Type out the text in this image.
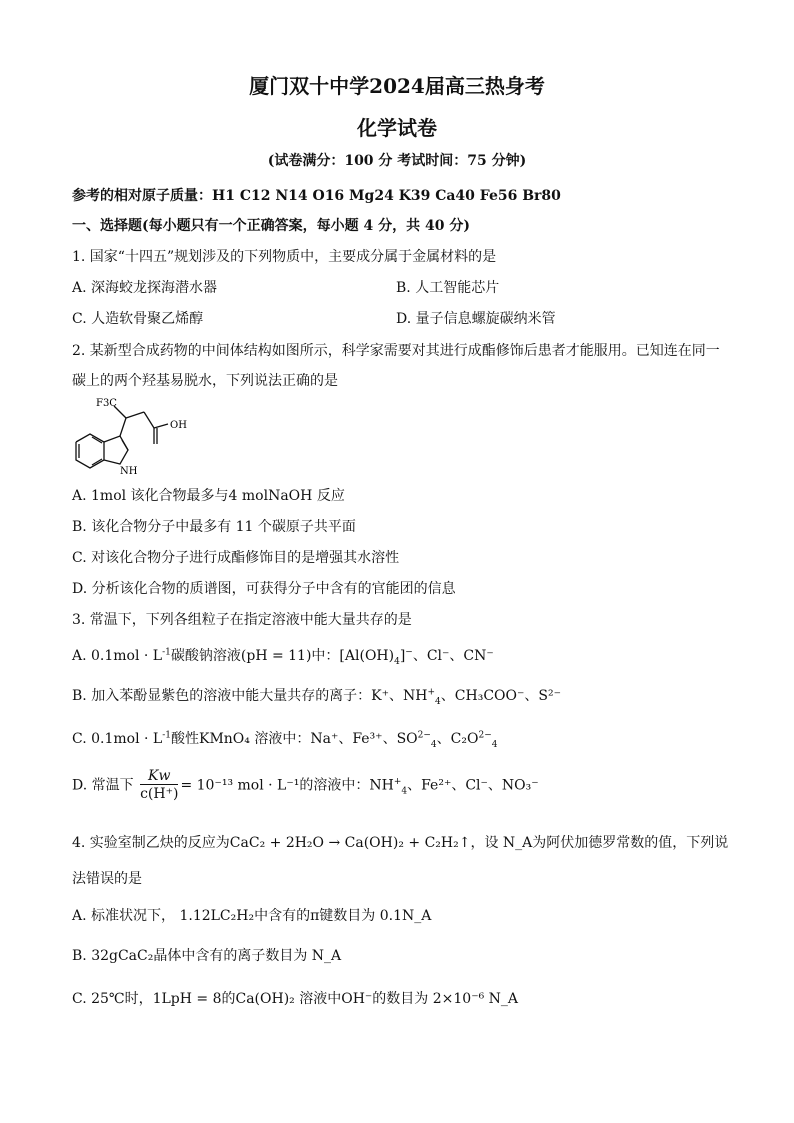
厦门双十中学2024届高三热身考
化学试卷
(试卷满分：100 分 考试时间：75 分钟)
参考的相对原子质量：H1 C12 N14 O16 Mg24 K39 Ca40 Fe56 Br80
一、选择题(每小题只有一个正确答案，每小题 4 分，共 40 分)
1. 国家“十四五”规划涉及的下列物质中，主要成分属于金属材料的是
A. 深海蛟龙探海潜水器	B. 人工智能芯片
C. 人造软骨聚乙烯醇	D. 量子信息螺旋碳纳米管
2. 某新型合成药物的中间体结构如图所示，科学家需要对其进行成酯修饰后患者才能服用。已知连在同一
碳上的两个羟基易脱水，下列说法正确的是
F3C
OH
NH
A. 1mol 该化合物最多与4 molNaOH 反应
B. 该化合物分子中最多有 11 个碳原子共平面
C. 对该化合物分子进行成酯修饰目的是增强其水溶性
D. 分析该化合物的质谱图，可获得分子中含有的官能团的信息
3. 常温下，下列各组粒子在指定溶液中能大量共存的是
A. $0.1mol \cdot L^{-1}$碳酸钠溶液(pH = 11)中：$[Al(OH)_4]^-$、Cl⁻、CN⁻
B. 加入苯酚显紫色的溶液中能大量共存的离子：K⁺、$NH^+_4$、CH₃COO⁻、S²⁻
C. $0.1mol \cdot L^{-1}$酸性KMnO₄ 溶液中：Na⁺、Fe³⁺、$SO^{2-}_4$、$C_2O^{2-}_4$
D. 常温下 $\frac{Kw}{c(H^+)} = 10^{-13}$ mol · L⁻¹的溶液中：$NH^+_4$、Fe²⁺、Cl⁻、NO₃⁻
4. 实验室制乙炔的反应为CaC₂ + 2H₂O → Ca(OH)₂ + C₂H₂↑，设 N_A为阿伏加德罗常数的值，下列说
法错误的是
A. 标准状况下， 1.12LC₂H₂中含有的π键数目为 0.1N_A
B. 32gCaC₂晶体中含有的离子数目为 N_A
C. 25℃时，1LpH = 8的Ca(OH)₂ 溶液中OH⁻的数目为 2×10⁻⁶ N_A
